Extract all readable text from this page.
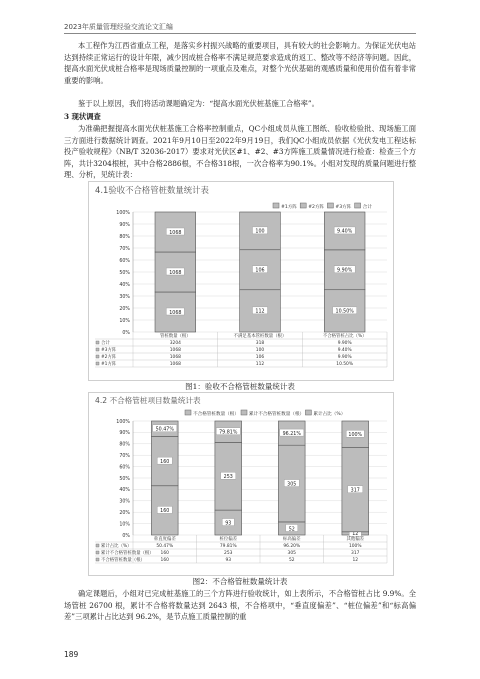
2023年质量管理经验交流论文汇编
本工程作为江西省重点工程，是落实乡村振兴战略的重要项目，具有较大的社会影响力。为保证光伏电站达到持续正常运行的设计年限，减少因成桩合格率不满足规范要求造成的返工、整改等不经济等问题。因此，提高水面光伏成桩合格率是现场质量控制的一项重点及难点，对整个光伏基础的观感质量和使用价值有着非常重要的影响。
鉴于以上原因，我们将活动课题确定为：“提高水面光伏桩基施工合格率”。
3 现状调查
为准确把握提高水面光伏桩基施工合格率控制重点，QC小组成员从施工图纸、验收检验批、现场施工面三方面进行数据统计调查。2021年9月10日至2022年9月19日，我们QC小组成员依据《光伏发电工程达标投产验收规程》（NB/T 32036-2017）要求对光伏区#1、#2、#3方阵施工质量情况进行检查：检查三个方阵，共计3204根桩，其中合格2886根，不合格318根，一次合格率为90.1%。小组对发现的质量问题进行整理、分析，见统计表：
4.1验收不合格管桩数量统计表
#1方阵 #2方阵 #3方阵 合计
0%
10%
20%
30%
40%
50%
60%
70%
80%
90%
100%
1068
1068
1068
112
106
100
10.50%
9.90%
9.40%
管桩数量（根）	不满足基本管桩数量（根）	不合格管桩占比（%）
合计	3204	318	9.90%
#3方阵	1068	100	9.40%
#2方阵	1068	106	9.90%
#1方阵	1068	112	10.50%
图1：验收不合格管桩数量统计表
4.2 不合格管桩项目数量统计表
不合格管桩数量（根） 累计不合格管桩数量（根） 累计占比（%）
0%
10%
20%
30%
40%
50%
60%
70%
80%
90%
100%
160
160
50.47%
93
253
79.81%
52
305
96.21%
12
317
100%
垂直度偏差	桩位偏差	标高偏差	其他偏差
累计占比（%）	50.47%	79.81%	96.20%	100%
累计不合格管桩数量（根） 160	253	305	317
不合格管桩数量（根）	160	93	52	12
图2：不合格管桩数量统计表
确定课题后，小组对已完成桩基施工的三个方阵进行验收统计，如上表所示，不合格管桩占比 9.9%。全场管桩 26700 根，累计不合格将数量达到 2643 根，不合格项中，“垂直度偏差”、“桩位偏差”和“标高偏差”三项累计占比达到 96.2%，是节点施工质量控制的重
189
